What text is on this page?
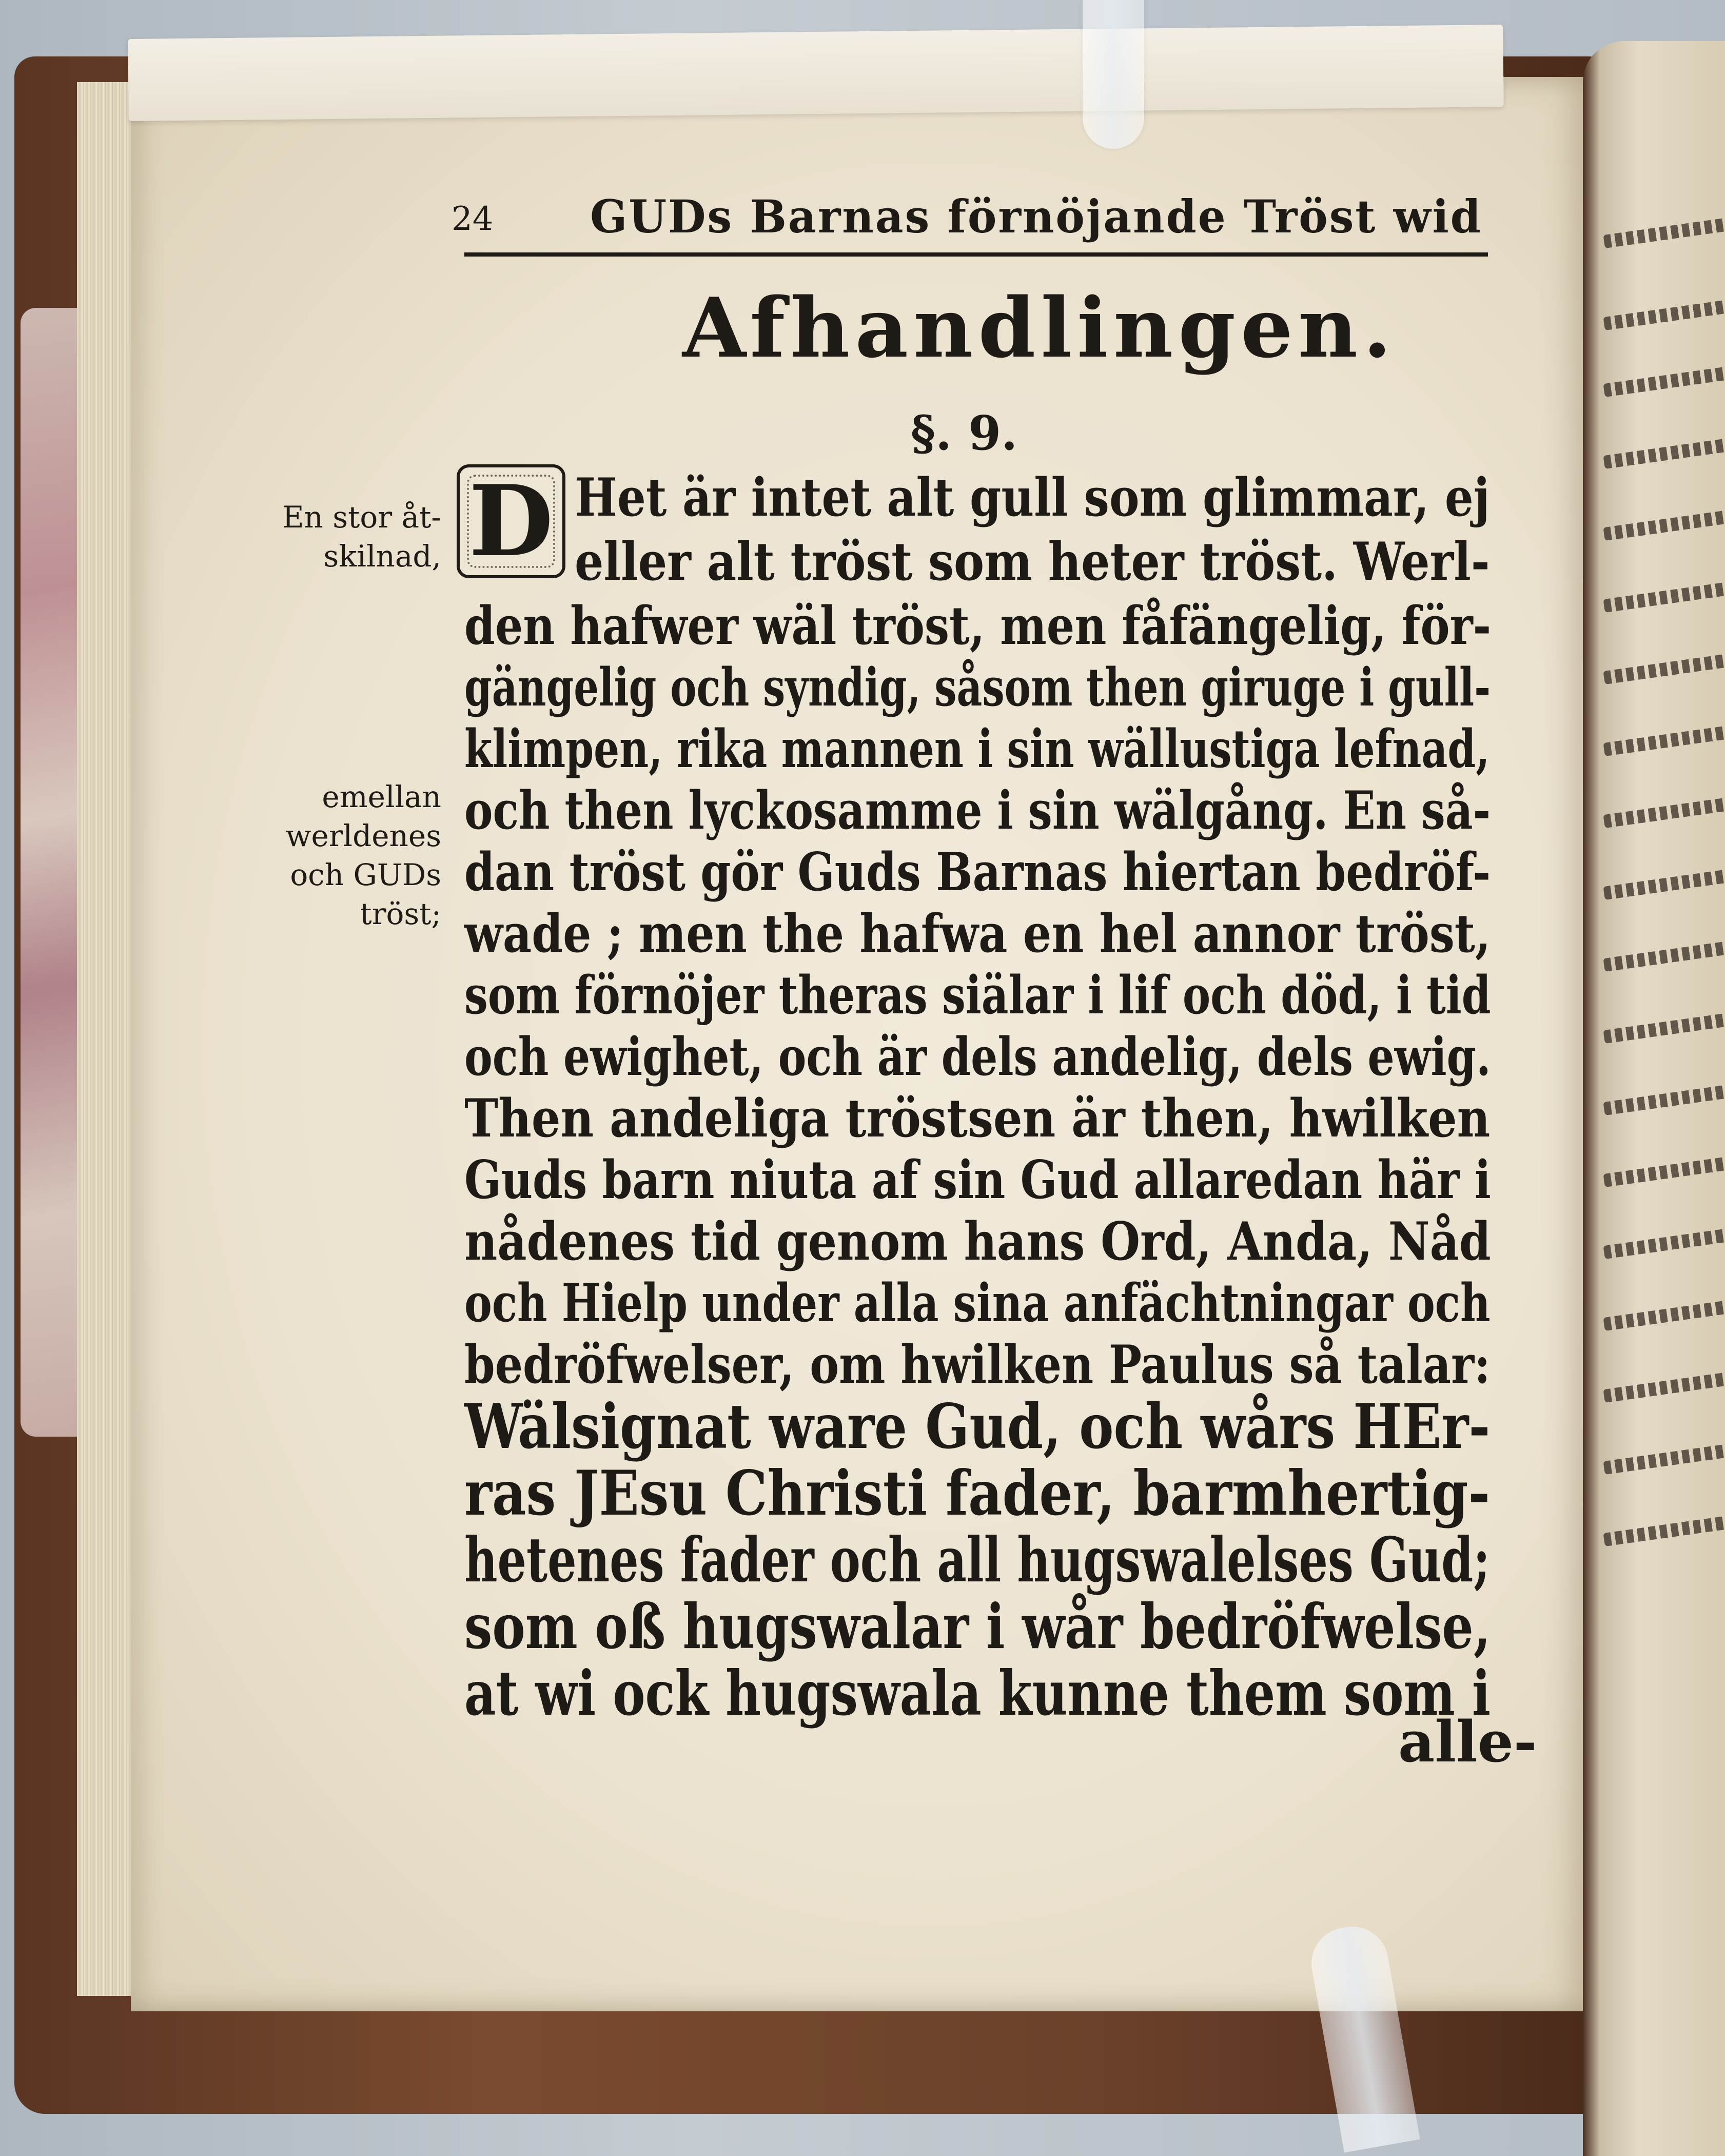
24 GUDs Barnas förnöjande Tröst wid
Afhandlingen.
§. 9.
En stor åt-
skilnad,
emellan
werldenes
och GUDs
tröst;
D Het är intet alt gull som glimmar, ej
eller alt tröst som heter tröst. Werl-
den hafwer wäl tröst, men fåfängelig, för-
gängelig och syndig, såsom then giruge i gull-
klimpen, rika mannen i sin wällustiga lefnad,
och then lyckosamme i sin wälgång. En så-
dan tröst gör Guds Barnas hiertan bedröf-
wade ; men the hafwa en hel annor tröst,
som förnöjer theras siälar i lif och död, i tid
och ewighet, och är dels andelig, dels ewig.
Then andeliga tröstsen är then, hwilken
Guds barn niuta af sin Gud allaredan här i
nådenes tid genom hans Ord, Anda, Nåd
och Hielp under alla sina anfächtningar och
bedröfwelser, om hwilken Paulus så talar:
Wälsignat ware Gud, och wårs HEr-
ras JEsu Christi fader, barmhertig-
hetenes fader och all hugswalelses Gud;
som oß hugswalar i wår bedröfwelse,
at wi ock hugswala kunne them som i
alle-
